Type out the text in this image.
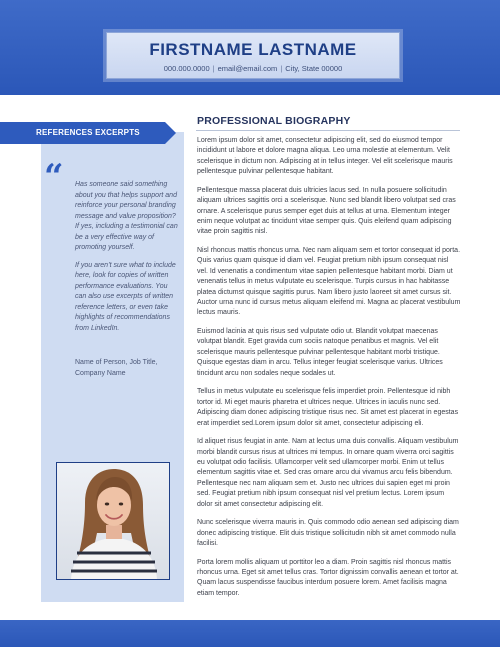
FIRSTNAME LASTNAME
000.000.0000 | email@email.com | City, State 00000
REFERENCES EXCERPTS
“ Has someone said something about you that helps support and reinforce your personal branding message and value proposition? If yes, including a testimonial can be a very effective way of promoting yourself.

If you aren’t sure what to include here, look for copies of written performance evaluations. You can also use excerpts of written reference letters, or even take highlights of recommendations from LinkedIn.

Name of Person, Job Title, Company Name
PROFESSIONAL BIOGRAPHY

Lorem ipsum dolor sit amet, consectetur adipiscing elit, sed do eiusmod tempor incididunt ut labore et dolore magna aliqua. Leo urna molestie at elementum. Velit scelerisque in dictum non. Adipiscing at in tellus integer. Vel elit scelerisque mauris pellentesque pulvinar pellentesque habitant.

Pellentesque massa placerat duis ultricies lacus sed. In nulla posuere sollicitudin aliquam ultrices sagittis orci a scelerisque. Nunc sed blandit libero volutpat sed cras ornare. A scelerisque purus semper eget duis at tellus at urna. Elementum integer enim neque volutpat ac tincidunt vitae semper quis. Quis eleifend quam adipiscing vitae proin sagittis nisl.

Nisl rhoncus mattis rhoncus urna. Nec nam aliquam sem et tortor consequat id porta. Quis varius quam quisque id diam vel. Feugiat pretium nibh ipsum consequat nisl vel. Id venenatis a condimentum vitae sapien pellentesque habitant morbi. Diam ut venenatis tellus in metus vulputate eu scelerisque. Turpis cursus in hac habitasse platea dictumst quisque sagittis purus. Nam libero justo laoreet sit amet cursus sit. Auctor urna nunc id cursus metus aliquam eleifend mi. Magna ac placerat vestibulum lectus mauris.

Euismod lacinia at quis risus sed vulputate odio ut. Blandit volutpat maecenas volutpat blandit. Eget gravida cum sociis natoque penatibus et magnis. Vel elit scelerisque mauris pellentesque pulvinar pellentesque habitant morbi tristique. Quisque egestas diam in arcu. Tellus integer feugiat scelerisque varius. Ultrices tincidunt arcu non sodales neque sodales ut.

Tellus in metus vulputate eu scelerisque felis imperdiet proin. Pellentesque id nibh tortor id. Mi eget mauris pharetra et ultrices neque. Ultrices in iaculis nunc sed. Adipiscing diam donec adipiscing tristique risus nec. Sit amet est placerat in egestas erat imperdiet sed.Lorem ipsum dolor sit amet, consectetur adipiscing eli.

Id aliquet risus feugiat in ante. Nam at lectus urna duis convallis. Aliquam vestibulum morbi blandit cursus risus at ultrices mi tempus. In ornare quam viverra orci sagittis eu volutpat odio facilisis. Ullamcorper velit sed ullamcorper morbi. Enim ut tellus elementum sagittis vitae et. Sed cras ornare arcu dui vivamus arcu felis bibendum. Pellentesque nec nam aliquam sem et. Justo nec ultrices dui sapien eget mi proin sed. Feugiat pretium nibh ipsum consequat nisl vel pretium lectus. Lorem ipsum dolor sit amet consectetur adipiscing elit.

Nunc scelerisque viverra mauris in. Quis commodo odio aenean sed adipiscing diam donec adipiscing tristique. Elit duis tristique sollicitudin nibh sit amet commodo nulla facilisi.

Porta lorem mollis aliquam ut porttitor leo a diam. Proin sagittis nisl rhoncus mattis rhoncus urna. Eget sit amet tellus cras. Tortor dignissim convallis aenean et tortor at. Quam lacus suspendisse faucibus interdum posuere lorem. Amet facilisis magna etiam tempor.
